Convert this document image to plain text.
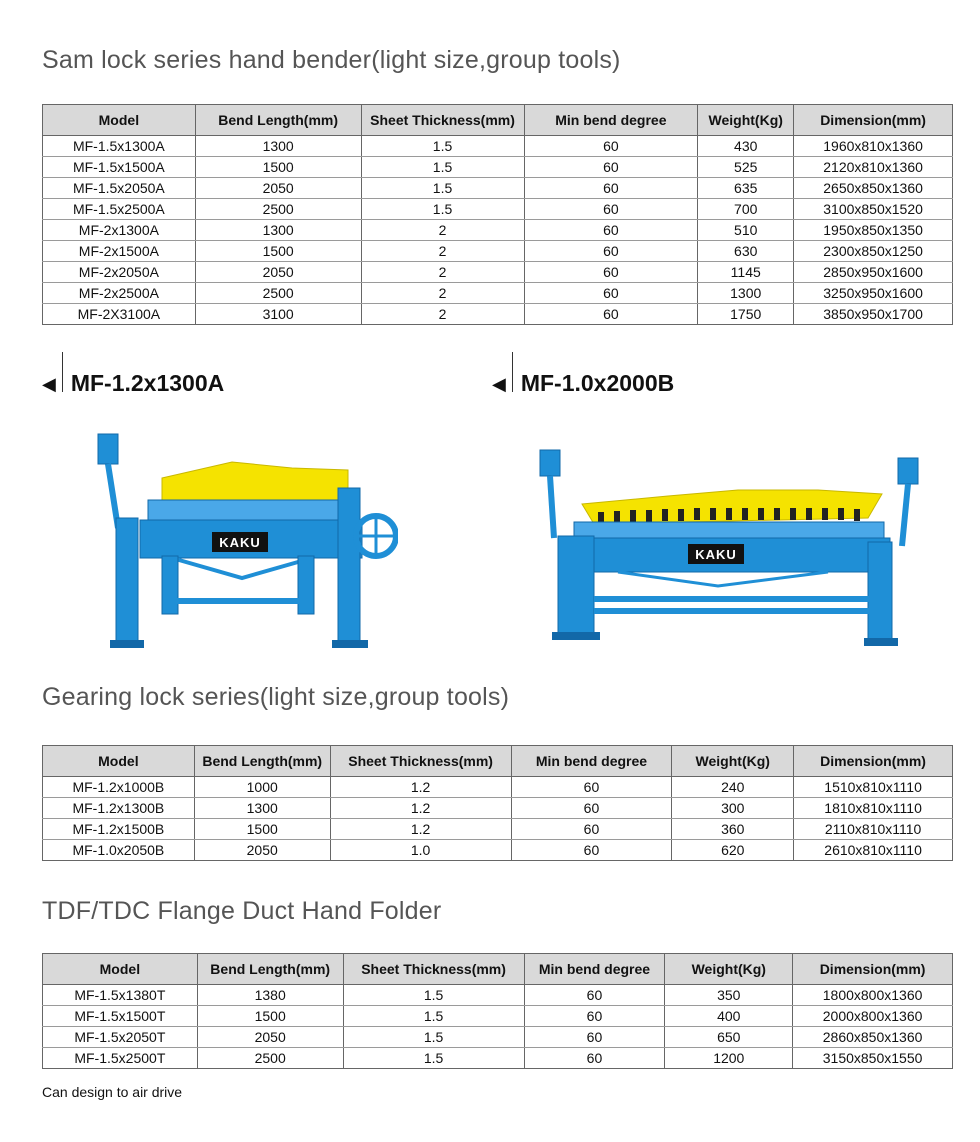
Sam lock series hand bender(light size,group tools)
Model	Bend Length(mm)	Sheet Thickness(mm)	Min bend degree	Weight(Kg)	Dimension(mm)
MF-1.5x1300A	1300	1.5	60	430	1960x810x1360
MF-1.5x1500A	1500	1.5	60	525	2120x810x1360
MF-1.5x2050A	2050	1.5	60	635	2650x850x1360
MF-1.5x2500A	2500	1.5	60	700	3100x850x1520
MF-2x1300A	1300	2	60	510	1950x850x1350
MF-2x1500A	1500	2	60	630	2300x850x1250
MF-2x2050A	2050	2	60	1145	2850x950x1600
MF-2x2500A	2500	2	60	1300	3250x950x1600
MF-2X3100A	3100	2	60	1750	3850x950x1700
◀ MF-1.2x1300A	◀ MF-1.0x2000B
KAKU
KAKU
Gearing lock series(light size,group tools)
Model	Bend Length(mm)	Sheet Thickness(mm)	Min bend degree	Weight(Kg)	Dimension(mm)
MF-1.2x1000B	1000	1.2	60	240	1510x810x1110
MF-1.2x1300B	1300	1.2	60	300	1810x810x1110
MF-1.2x1500B	1500	1.2	60	360	2110x810x1110
MF-1.0x2050B	2050	1.0	60	620	2610x810x1110
TDF/TDC Flange Duct Hand Folder
Model	Bend Length(mm)	Sheet Thickness(mm)	Min bend degree	Weight(Kg)	Dimension(mm)
MF-1.5x1380T	1380	1.5	60	350	1800x800x1360
MF-1.5x1500T	1500	1.5	60	400	2000x800x1360
MF-1.5x2050T	2050	1.5	60	650	2860x850x1360
MF-1.5x2500T	2500	1.5	60	1200	3150x850x1550
Can design to air drive
